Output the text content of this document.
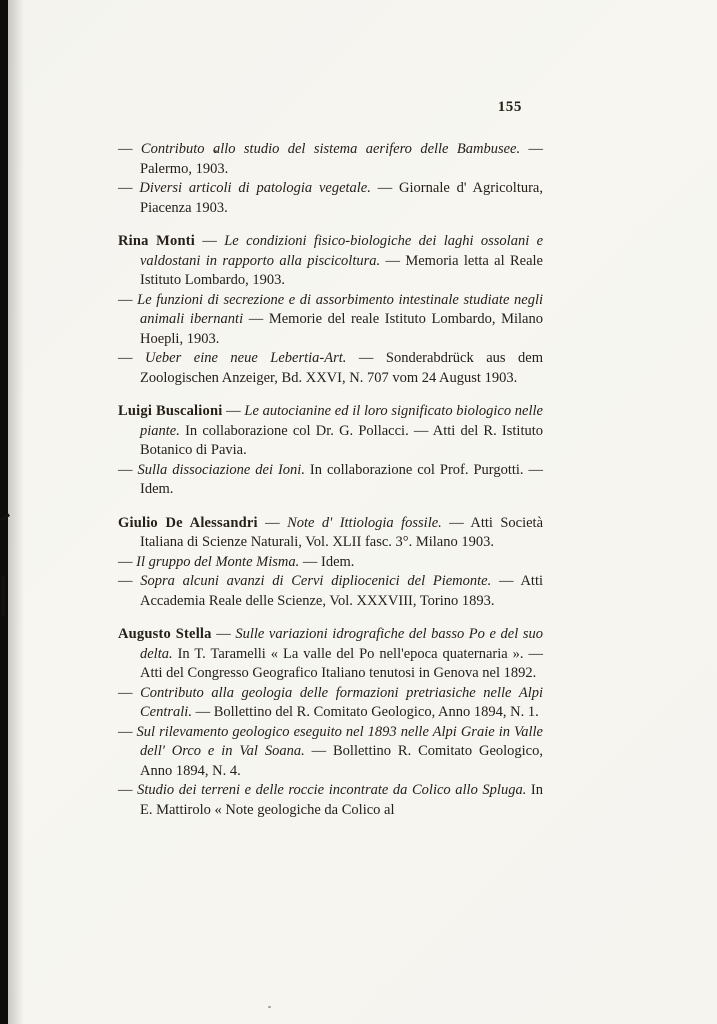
155

— Contributo allo studio del sistema aerifero delle Bambusee. — Palermo, 1903.

— Diversi articoli di patologia vegetale. — Giornale d' Agricoltura, Piacenza 1903.

Rina Monti — Le condizioni fisico-biologiche dei laghi ossolani e valdostani in rapporto alla piscicoltura. — Memoria letta al Reale Istituto Lombardo, 1903.

— Le funzioni di secrezione e di assorbimento intestinale studiate negli animali ibernanti — Memorie del reale Istituto Lombardo, Milano Hoepli, 1903.

— Ueber eine neue Lebertia-Art. — Sonderabdrück aus dem Zoologischen Anzeiger, Bd. XXVI, N. 707 vom 24 August 1903.

Luigi Buscalioni — Le autocianine ed il loro significato biologico nelle piante. In collaborazione col Dr. G. Pollacci. — Atti del R. Istituto Botanico di Pavia.

— Sulla dissociazione dei Ioni. In collaborazione col Prof. Purgotti. — Idem.

Giulio De Alessandri — Note d' Ittiologia fossile. — Atti Società Italiana di Scienze Naturali, Vol. XLII fasc. 3°. Milano 1903.

— Il gruppo del Monte Misma. — Idem.

— Sopra alcuni avanzi di Cervi dipliocenici del Piemonte. — Atti Accademia Reale delle Scienze, Vol. XXXVIII, Torino 1893.

Augusto Stella — Sulle variazioni idrografiche del basso Po e del suo delta. In T. Taramelli « La valle del Po nell'epoca quaternaria ». — Atti del Congresso Geografico Italiano tenutosi in Genova nel 1892.

— Contributo alla geologia delle formazioni pretriasiche nelle Alpi Centrali. — Bollettino del R. Comitato Geologico, Anno 1894, N. 1.

— Sul rilevamento geologico eseguito nel 1893 nelle Alpi Graie in Valle dell' Orco e in Val Soana. — Bollettino R. Comitato Geologico, Anno 1894, N. 4.

— Studio dei terreni e delle roccie incontrate da Colico allo Spluga. In E. Mattirolo « Note geologiche da Colico al
